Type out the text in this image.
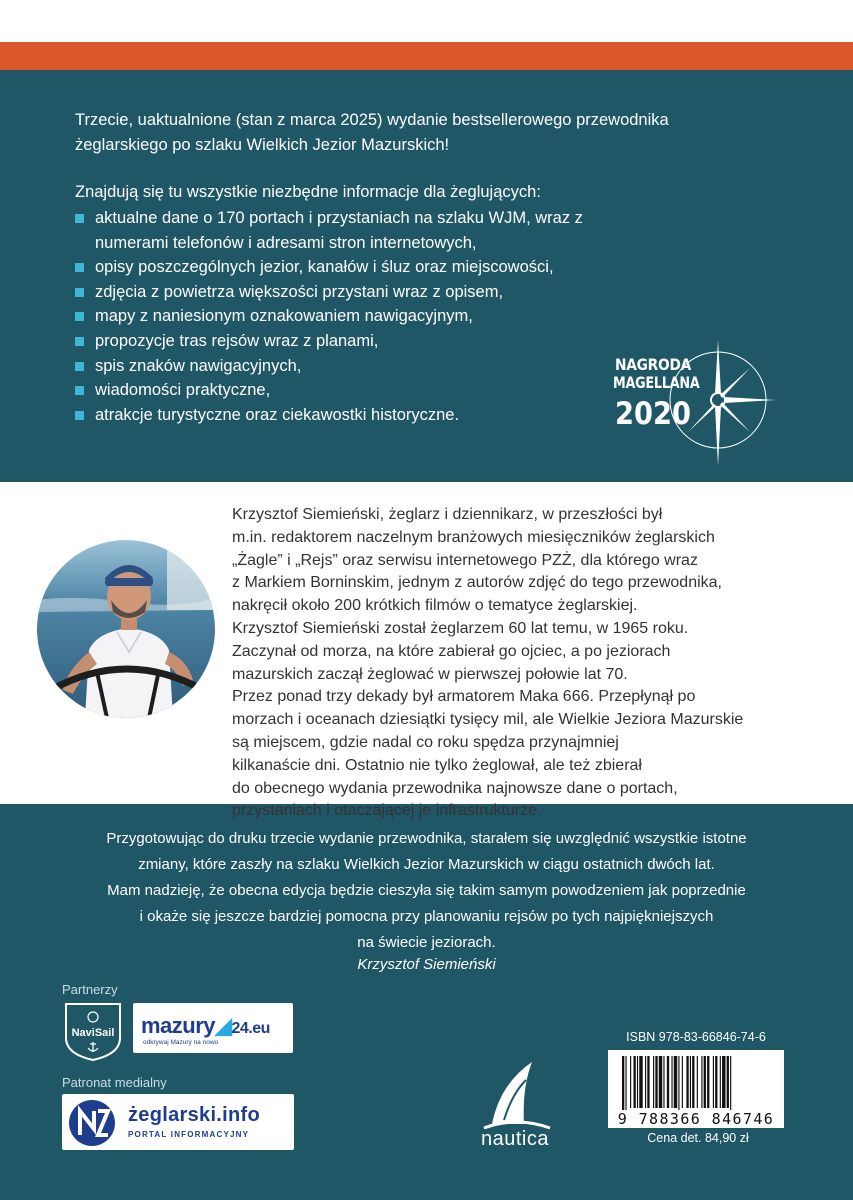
Trzecie, uaktualnione (stan z marca 2025) wydanie bestsellerowego przewodnika
żeglarskiego po szlaku Wielkich Jezior Mazurskich!
Znajdują się tu wszystkie niezbędne informacje dla żeglujących:
aktualne dane o 170 portach i przystaniach na szlaku WJM, wraz z numerami telefonów i adresami stron internetowych,
opisy poszczególnych jezior, kanałów i śluz oraz miejscowości,
zdjęcia z powietrza większości przystani wraz z opisem,
mapy z naniesionym oznakowaniem nawigacyjnym,
propozycje tras rejsów wraz z planami,
spis znaków nawigacyjnych,
wiadomości praktyczne,
atrakcje turystyczne oraz ciekawostki historyczne.
NAGRODA
MAGELLANA
2020
Krzysztof Siemieński, żeglarz i dziennikarz, w przeszłości był
m.in. redaktorem naczelnym branżowych miesięczników żeglarskich
„Żagle” i „Rejs” oraz serwisu internetowego PZŻ, dla którego wraz
z Markiem Borninskim, jednym z autorów zdjęć do tego przewodnika,
nakręcił około 200 krótkich filmów o tematyce żeglarskiej.
Krzysztof Siemieński został żeglarzem 60 lat temu, w 1965 roku.
Zaczynał od morza, na które zabierał go ojciec, a po jeziorach
mazurskich zaczął żeglować w pierwszej połowie lat 70.
Przez ponad trzy dekady był armatorem Maka 666. Przepłynął po
morzach i oceanach dziesiątki tysięcy mil, ale Wielkie Jeziora Mazurskie
są miejscem, gdzie nadal co roku spędza przynajmniej
kilkanaście dni. Ostatnio nie tylko żeglował, ale też zbierał
do obecnego wydania przewodnika najnowsze dane o portach,
przystaniach i otaczającej je infrastrukturze.
Przygotowując do druku trzecie wydanie przewodnika, starałem się uwzględnić wszystkie istotne
zmiany, które zaszły na szlaku Wielkich Jezior Mazurskich w ciągu ostatnich dwóch lat.
Mam nadzieję, że obecna edycja będzie cieszyła się takim samym powodzeniem jak poprzednie
i okaże się jeszcze bardziej pomocna przy planowaniu rejsów po tych najpiękniejszych
na świecie jeziorach.
Krzysztof Siemieński
Partnerzy
NaviSail mazury◢24.eu
odkrywaj Mazury na nowo
Patronat medialny
żeglarski.info
PORTAL INFORMACYJNY	nautica
ISBN 978-83-66846-74-6
9 788366 846746
Cena det. 84,90 zł
